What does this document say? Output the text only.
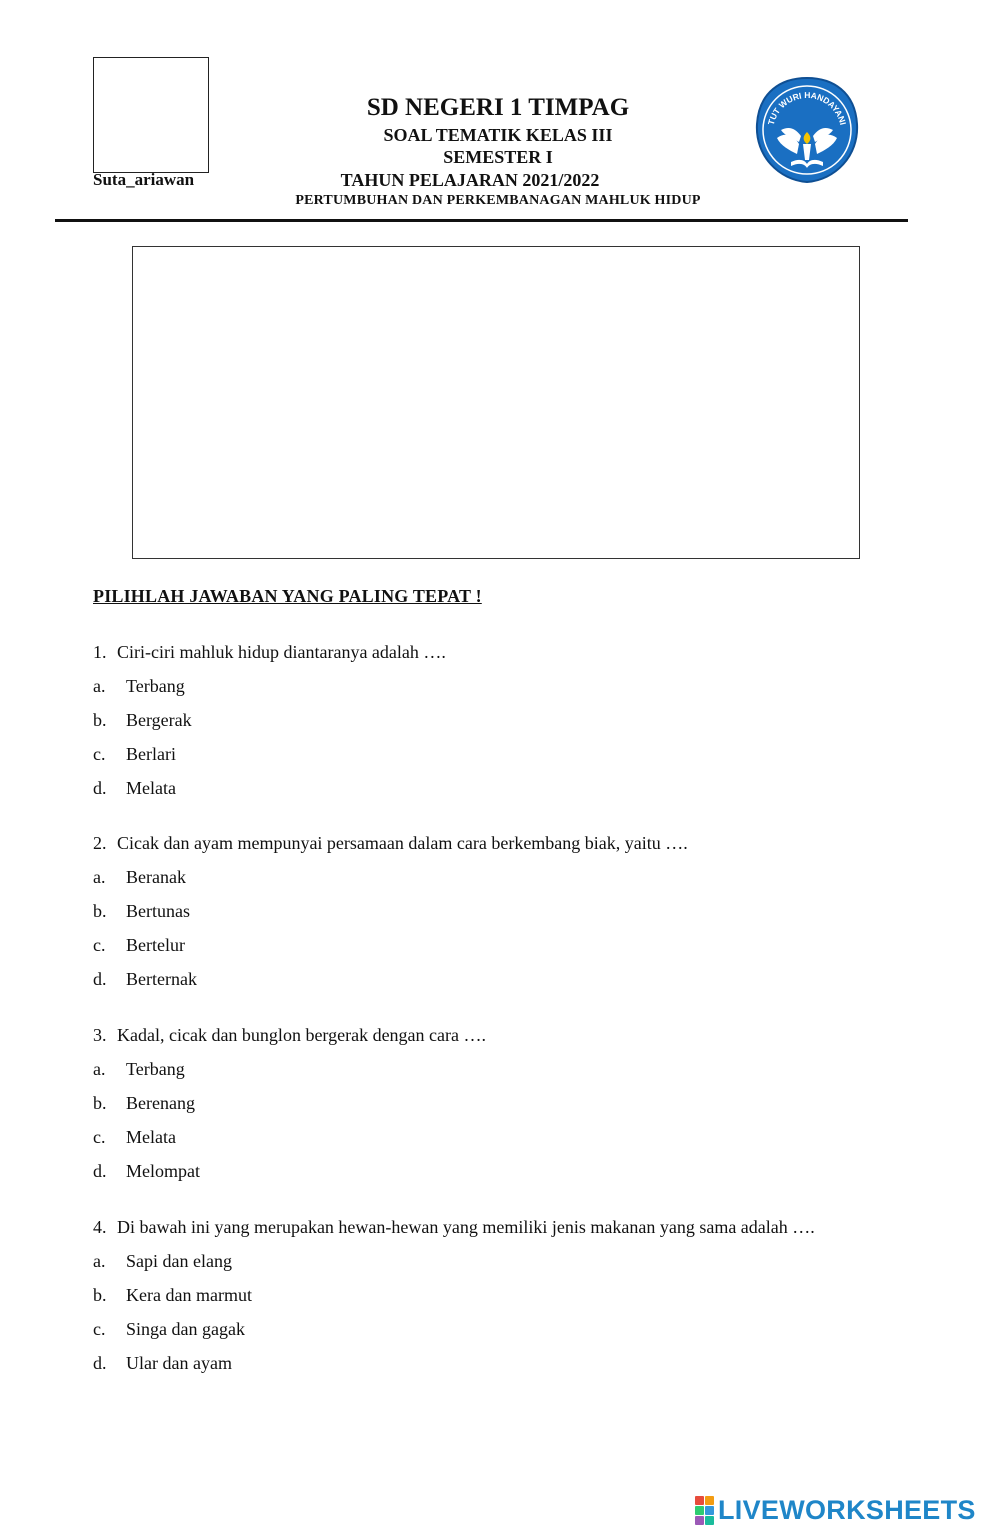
Suta_ariawan
SD NEGERI 1 TIMPAG
SOAL TEMATIK KELAS III
SEMESTER I
TAHUN PELAJARAN 2021/2022
PERTUMBUHAN DAN PERKEMBANAGAN MAHLUK HIDUP
TUT WURI HANDAYANI
PILIHLAH JAWABAN YANG PALING TEPAT !
1. Ciri-ciri mahluk hidup diantaranya adalah ….
a.	Terbang
b.	Bergerak
c.	Berlari
d.	Melata
2. Cicak dan ayam mempunyai persamaan dalam cara berkembang biak, yaitu ….
a.	Beranak
b.	Bertunas
c.	Bertelur
d.	Berternak
3. Kadal, cicak dan bunglon bergerak dengan cara ….
a.	Terbang
b.	Berenang
c.	Melata
d.	Melompat
4. Di bawah ini yang merupakan hewan-hewan yang memiliki jenis makanan yang sama adalah ….
a.	Sapi dan elang
b.	Kera dan marmut
c.	Singa dan gagak
d.	Ular dan ayam
LIVEWORKSHEETS
